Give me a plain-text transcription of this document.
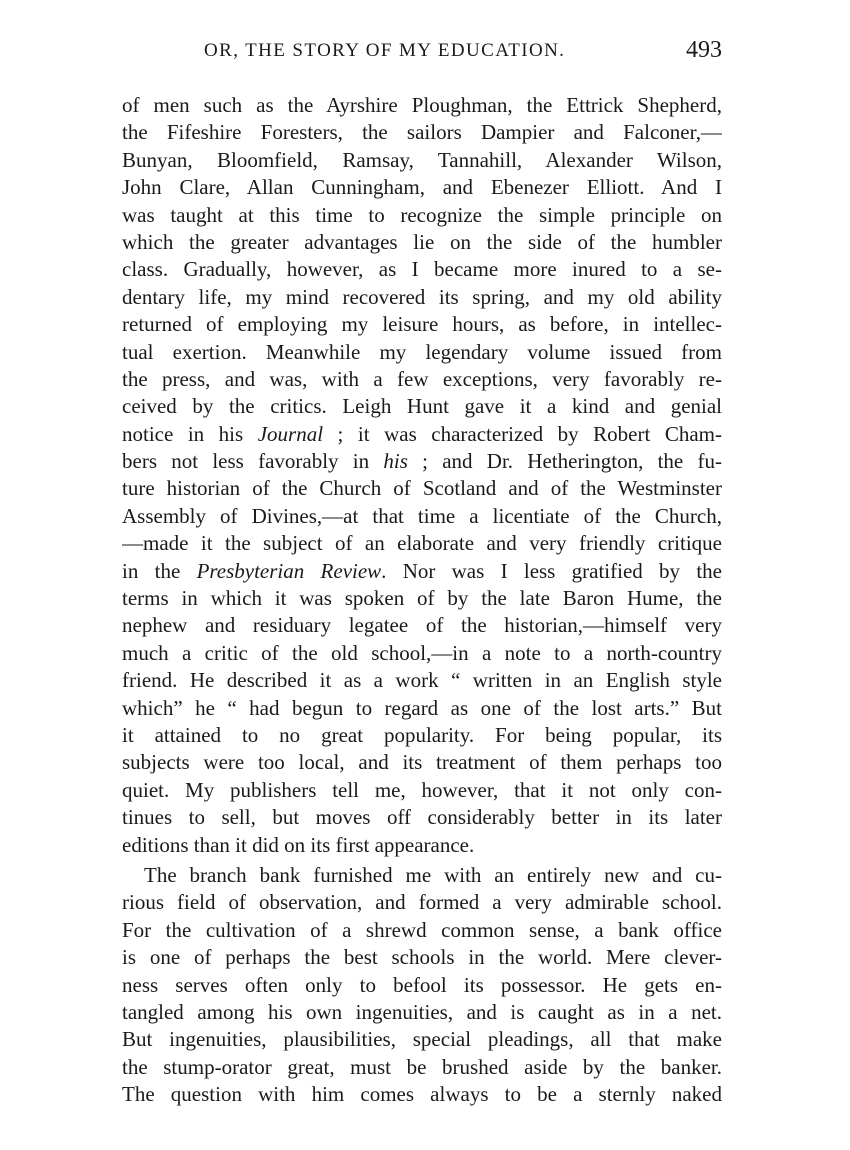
OR, THE STORY OF MY EDUCATION.	493
of men such as the Ayrshire Ploughman, the Ettrick Shepherd,
the Fifeshire Foresters, the sailors Dampier and Falconer,—
Bunyan, Bloomfield, Ramsay, Tannahill, Alexander Wilson,
John Clare, Allan Cunningham, and Ebenezer Elliott. And I
was taught at this time to recognize the simple principle on
which the greater advantages lie on the side of the humbler
class. Gradually, however, as I became more inured to a se-
dentary life, my mind recovered its spring, and my old ability
returned of employing my leisure hours, as before, in intellec-
tual exertion. Meanwhile my legendary volume issued from
the press, and was, with a few exceptions, very favorably re-
ceived by the critics. Leigh Hunt gave it a kind and genial
notice in his Journal ; it was characterized by Robert Cham-
bers not less favorably in his ; and Dr. Hetherington, the fu-
ture historian of the Church of Scotland and of the Westminster
Assembly of Divines,—at that time a licentiate of the Church,
—made it the subject of an elaborate and very friendly critique
in the Presbyterian Review. Nor was I less gratified by the
terms in which it was spoken of by the late Baron Hume, the
nephew and residuary legatee of the historian,—himself very
much a critic of the old school,—in a note to a north-country
friend. He described it as a work “ written in an English style
which” he “ had begun to regard as one of the lost arts.” But
it attained to no great popularity. For being popular, its
subjects were too local, and its treatment of them perhaps too
quiet. My publishers tell me, however, that it not only con-
tinues to sell, but moves off considerably better in its later
editions than it did on its first appearance.
The branch bank furnished me with an entirely new and cu-
rious field of observation, and formed a very admirable school.
For the cultivation of a shrewd common sense, a bank office
is one of perhaps the best schools in the world. Mere clever-
ness serves often only to befool its possessor. He gets en-
tangled among his own ingenuities, and is caught as in a net.
But ingenuities, plausibilities, special pleadings, all that make
the stump-orator great, must be brushed aside by the banker.
The question with him comes always to be a sternly naked
